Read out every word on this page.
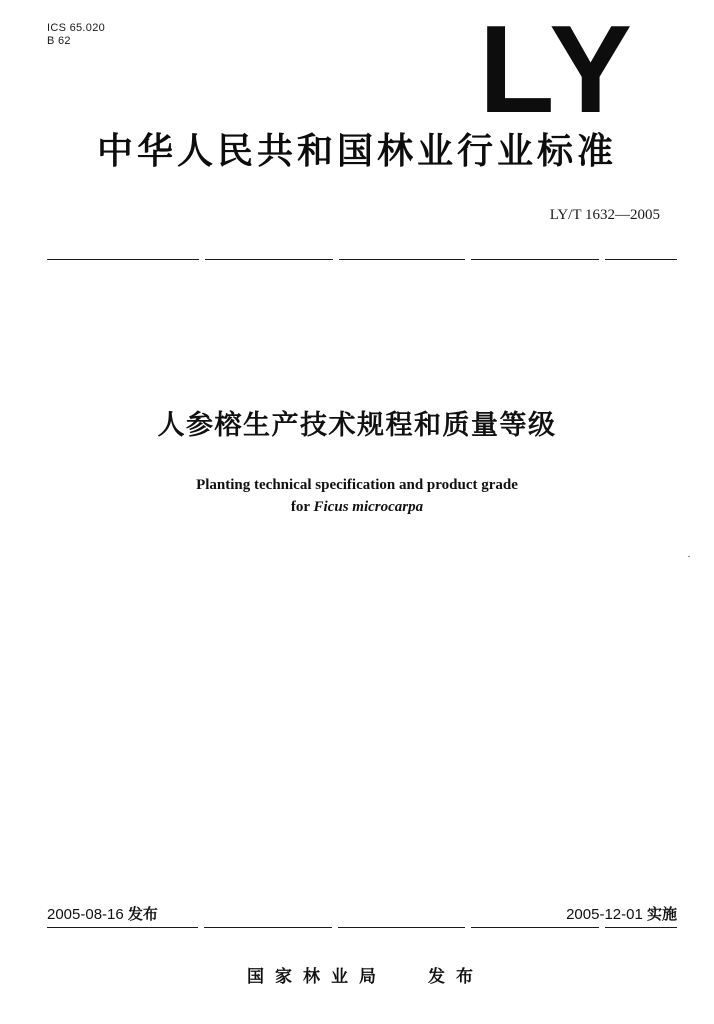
ICS 65.020
B 62	LY
中华人民共和国林业行业标准
LY/T 1632—2005
人参榕生产技术规程和质量等级
Planting technical specification and product grade
for Ficus microcarpa
2005-08-16 发布	2005-12-01 实施
国家林业局 发布
